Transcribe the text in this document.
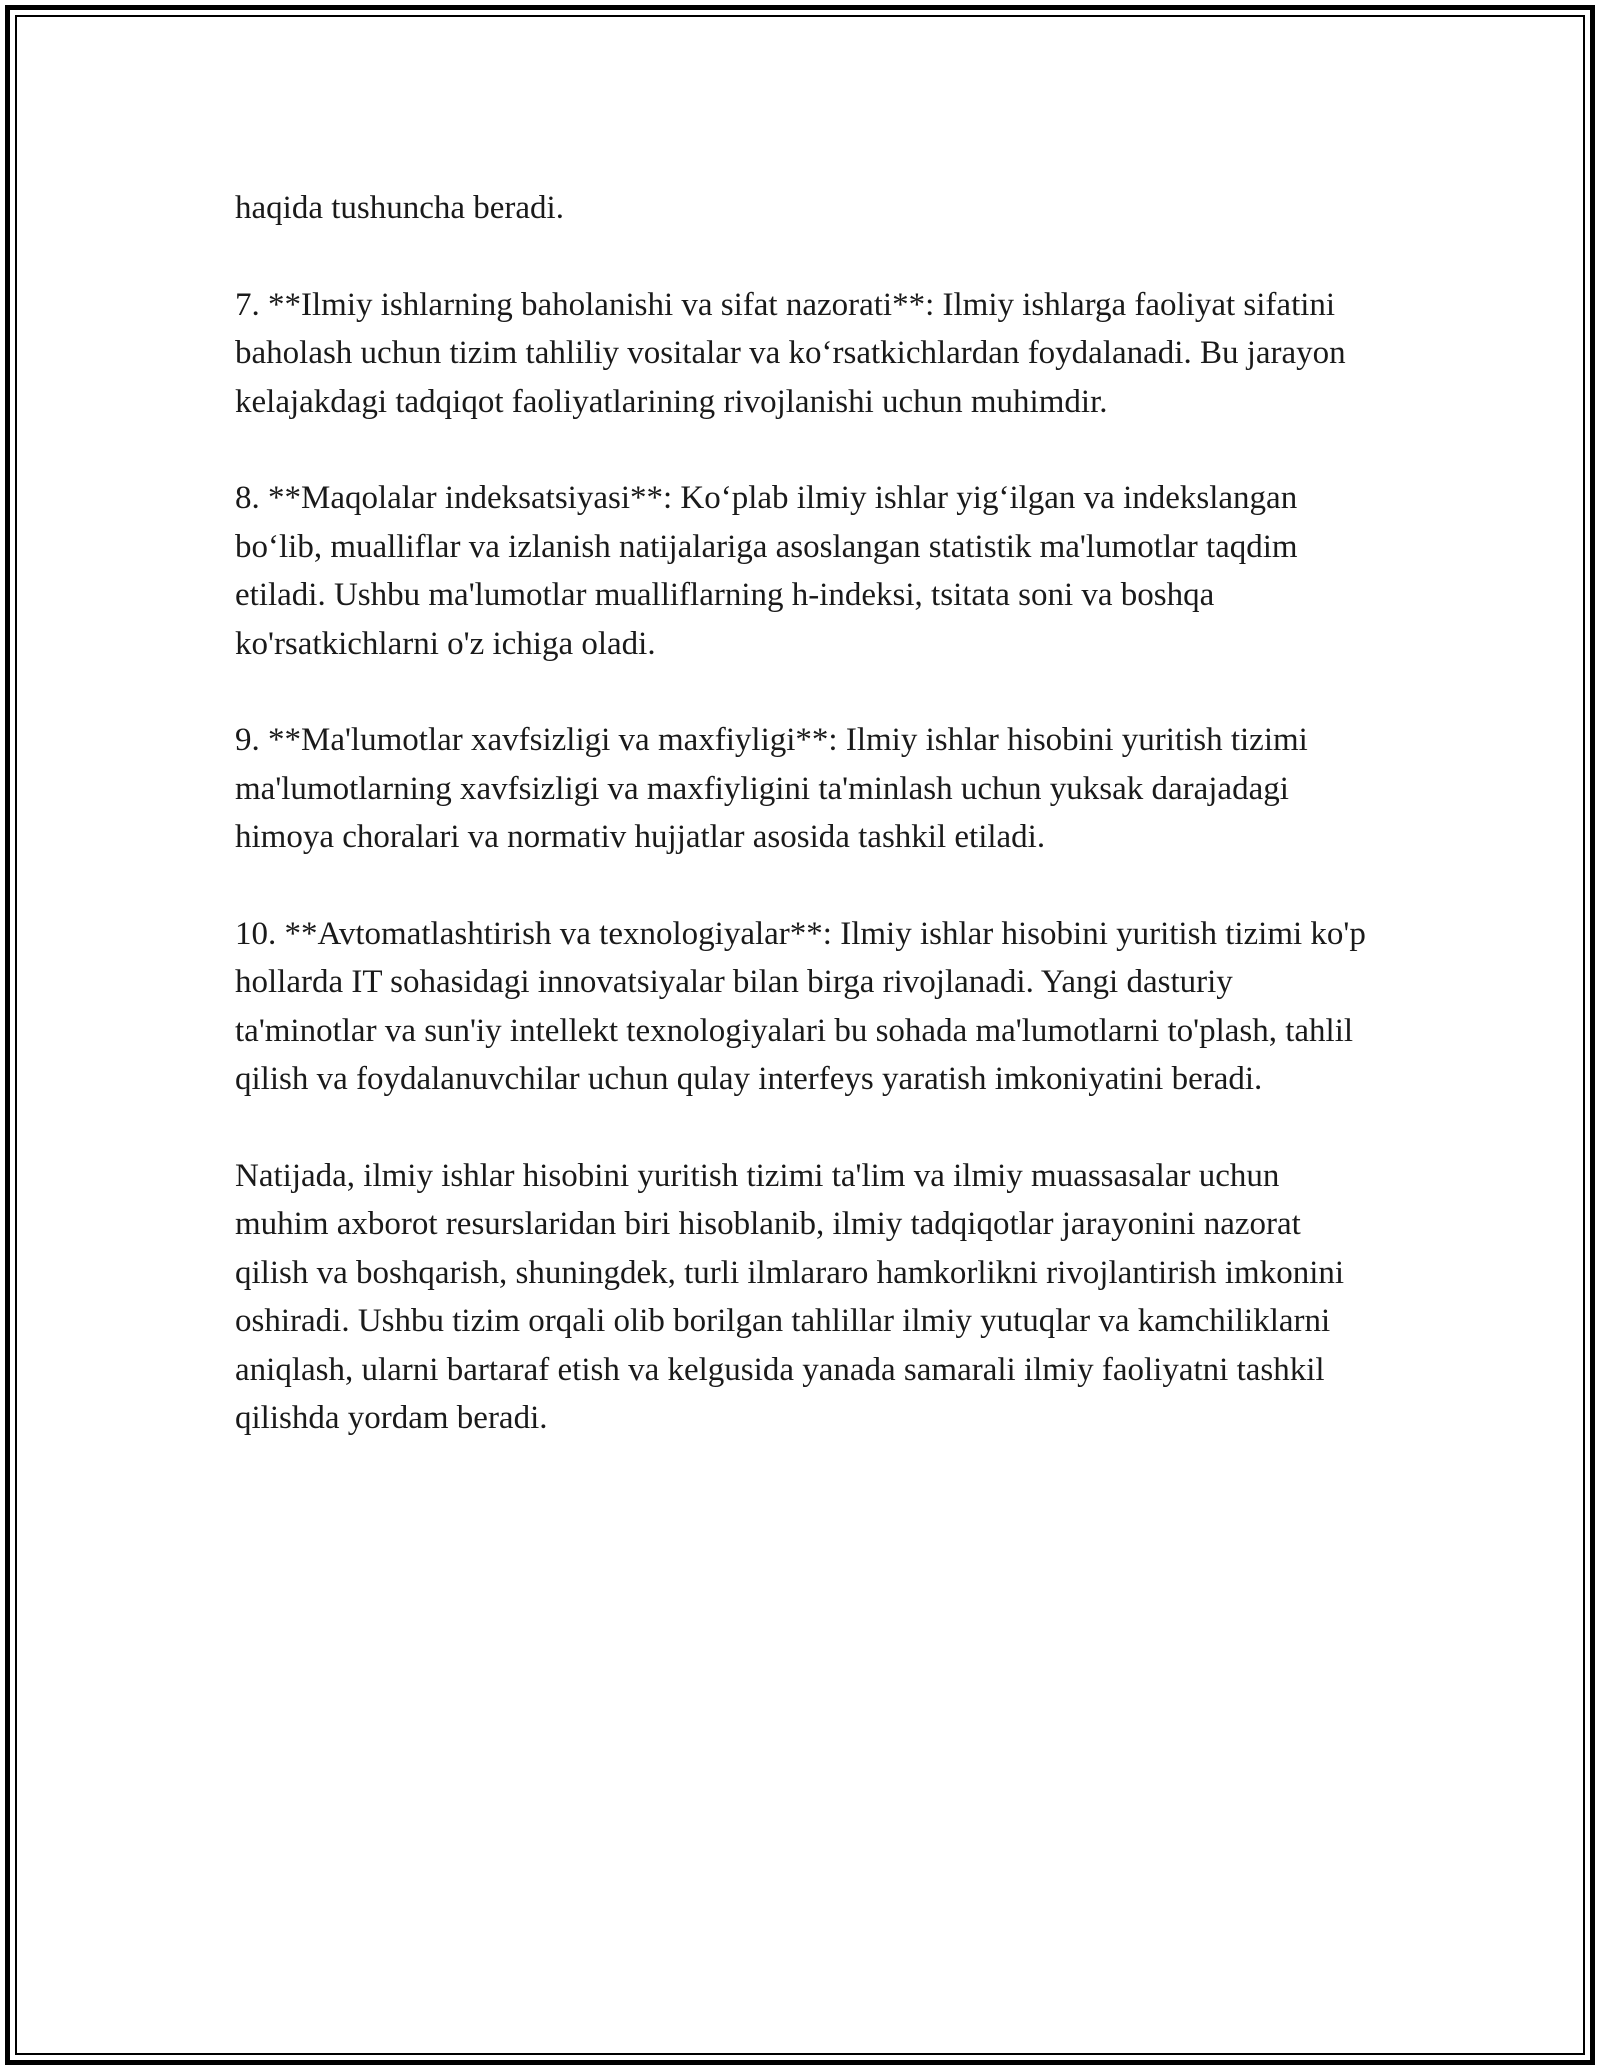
haqida tushuncha beradi.

7. **Ilmiy ishlarning baholanishi va sifat nazorati**: Ilmiy ishlarga faoliyat sifatini baholash uchun tizim tahliliy vositalar va ko‘rsatkichlardan foydalanadi. Bu jarayon kelajakdagi tadqiqot faoliyatlarining rivojlanishi uchun muhimdir.

8. **Maqolalar indeksatsiyasi**: Ko‘plab ilmiy ishlar yig‘ilgan va indekslangan bo‘lib, mualliflar va izlanish natijalariga asoslangan statistik ma'lumotlar taqdim etiladi. Ushbu ma'lumotlar mualliflarning h-indeksi, tsitata soni va boshqa ko'rsatkichlarni o'z ichiga oladi.

9. **Ma'lumotlar xavfsizligi va maxfiyligi**: Ilmiy ishlar hisobini yuritish tizimi ma'lumotlarning xavfsizligi va maxfiyligini ta'minlash uchun yuksak darajadagi himoya choralari va normativ hujjatlar asosida tashkil etiladi.

10. **Avtomatlashtirish va texnologiyalar**: Ilmiy ishlar hisobini yuritish tizimi ko'p hollarda IT sohasidagi innovatsiyalar bilan birga rivojlanadi. Yangi dasturiy ta'minotlar va sun'iy intellekt texnologiyalari bu sohada ma'lumotlarni to'plash, tahlil qilish va foydalanuvchilar uchun qulay interfeys yaratish imkoniyatini beradi.

Natijada, ilmiy ishlar hisobini yuritish tizimi ta'lim va ilmiy muassasalar uchun muhim axborot resurslaridan biri hisoblanib, ilmiy tadqiqotlar jarayonini nazorat qilish va boshqarish, shuningdek, turli ilmlararo hamkorlikni rivojlantirish imkonini oshiradi. Ushbu tizim orqali olib borilgan tahlillar ilmiy yutuqlar va kamchiliklarni aniqlash, ularni bartaraf etish va kelgusida yanada samarali ilmiy faoliyatni tashkil qilishda yordam beradi.
